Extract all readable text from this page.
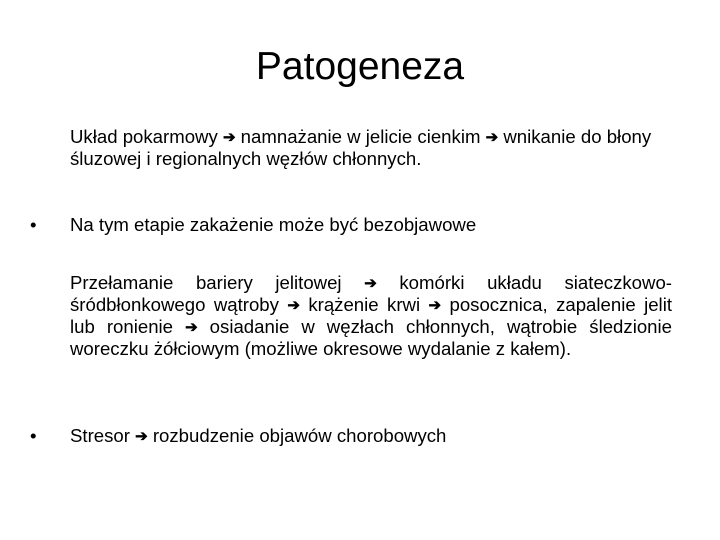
Patogeneza
Układ pokarmowy ➔ namnażanie w jelicie cienkim ➔ wnikanie do błony śluzowej i regionalnych węzłów chłonnych.
• Na tym etapie zakażenie może być bezobjawowe
Przełamanie bariery jelitowej ➔ komórki układu siateczkowo-śródbłonkowego wątroby ➔ krążenie krwi ➔ posocznica, zapalenie jelit lub ronienie ➔ osiadanie w węzłach chłonnych, wątrobie śledzionie woreczku żółciowym (możliwe okresowe wydalanie z kałem).
• Stresor ➔ rozbudzenie objawów chorobowych
